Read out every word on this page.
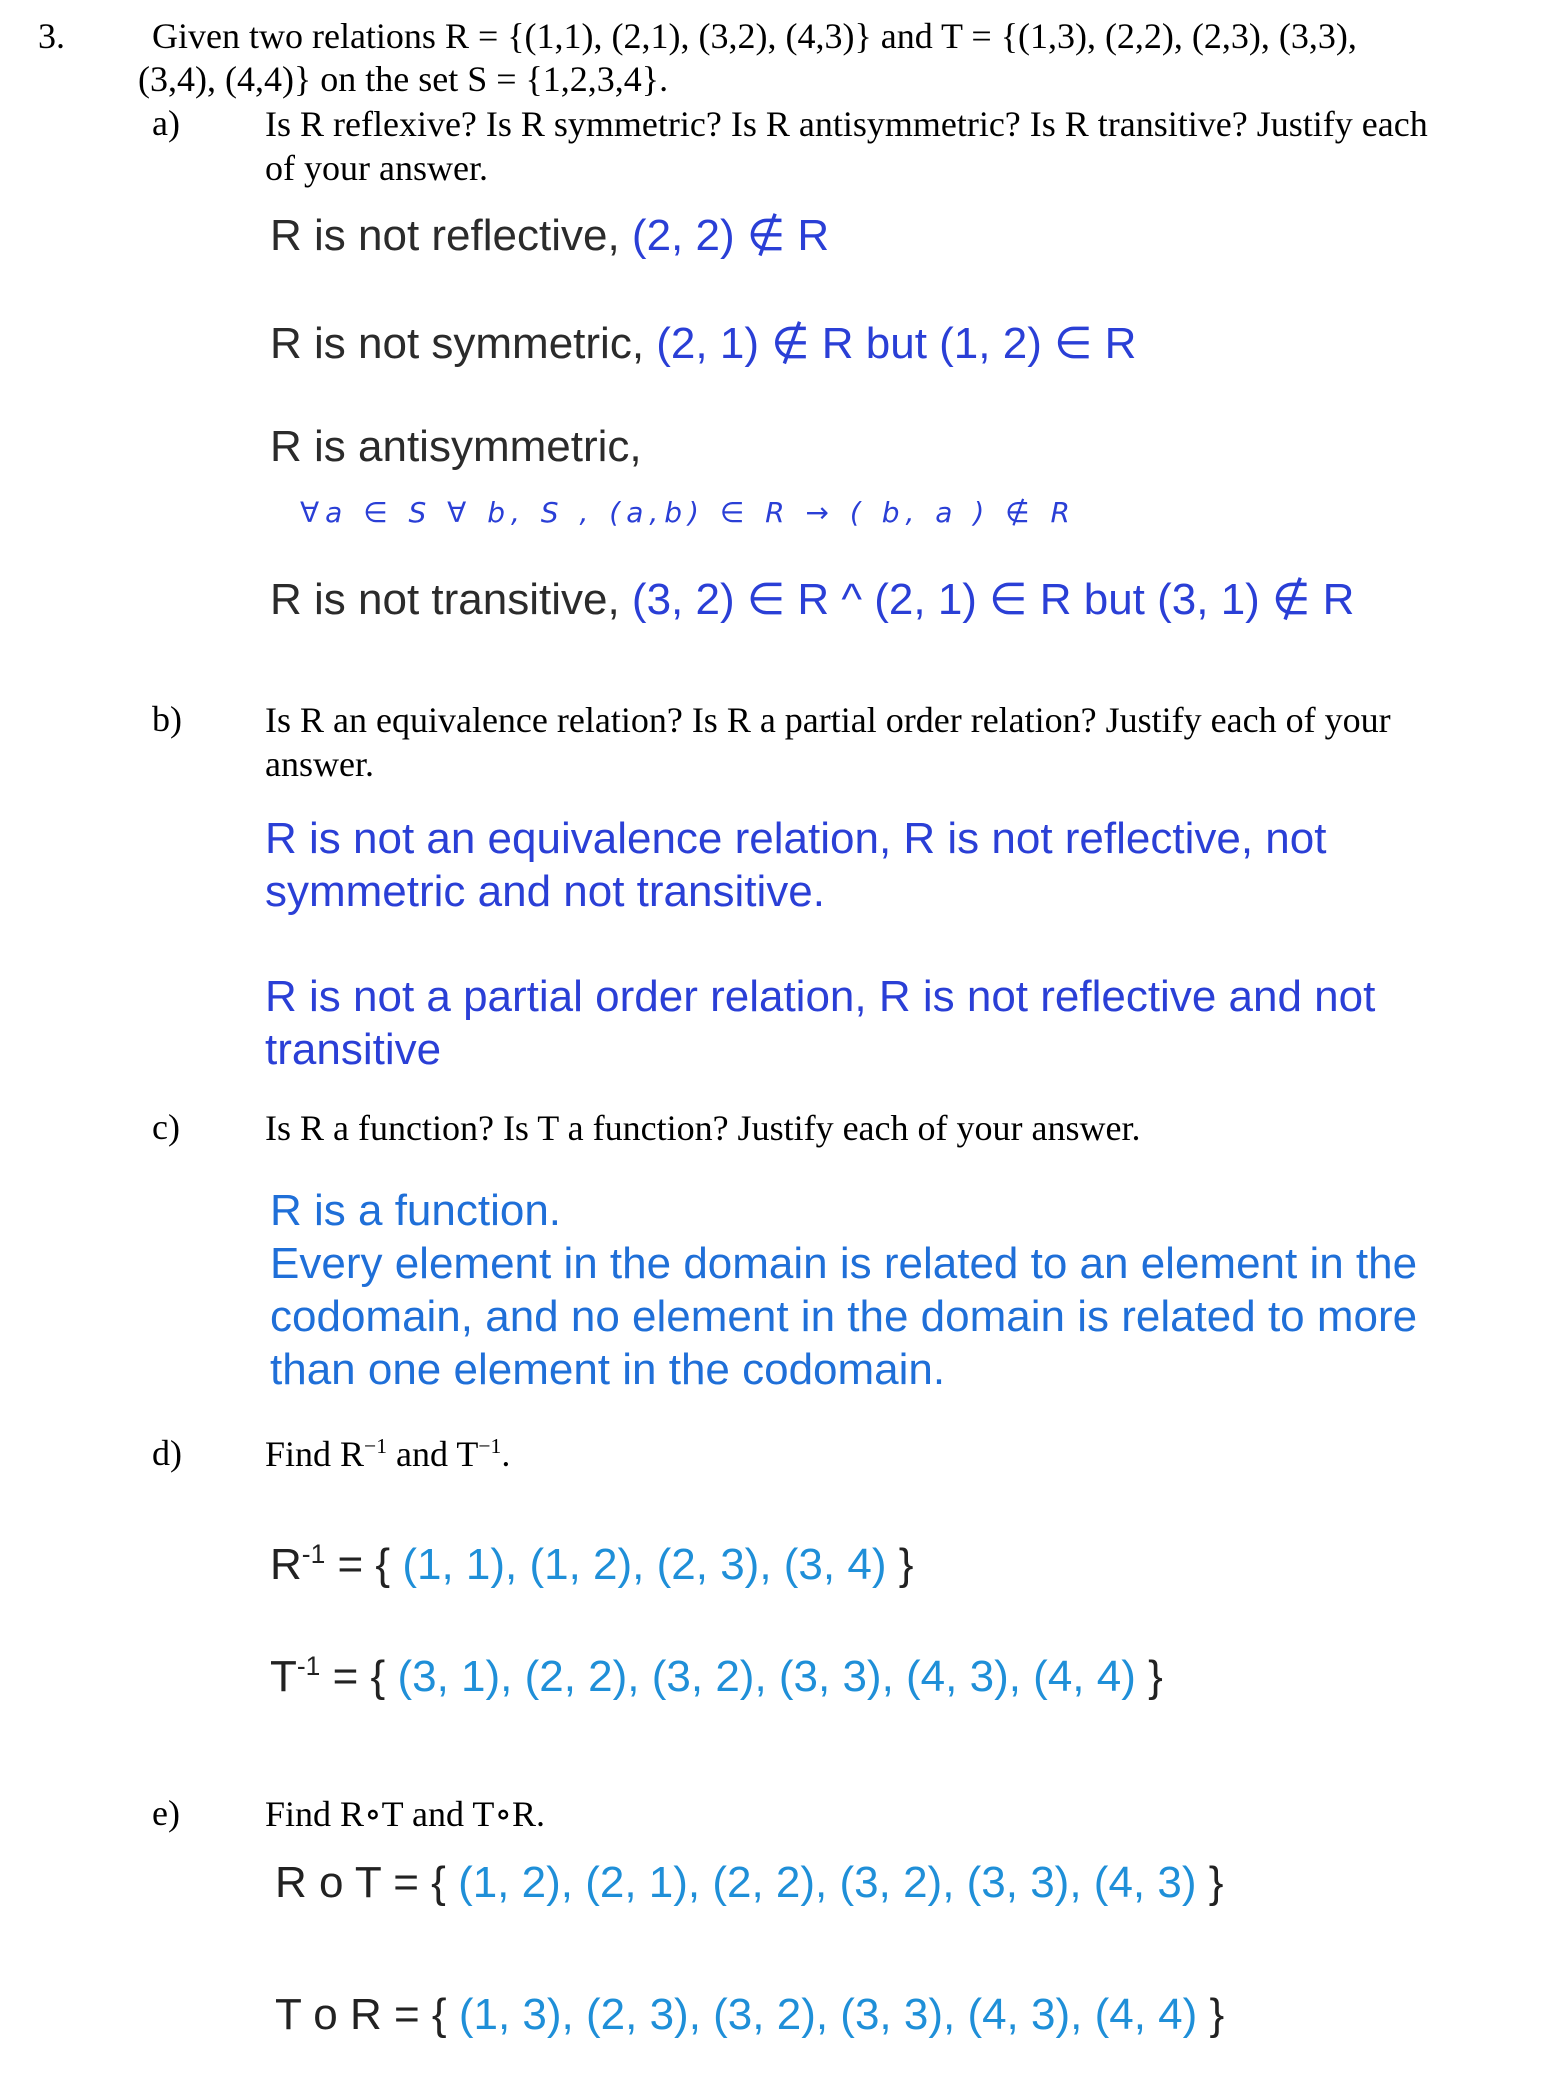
3. Given two relations R = {(1,1), (2,1), (3,2), (4,3)} and T = {(1,3), (2,2), (2,3), (3,3),
(3,4), (4,4)} on the set S = {1,2,3,4}.
a) Is R reflexive? Is R symmetric? Is R antisymmetric? Is R transitive? Justify each
of your answer.
R is not reflective, (2, 2) ∉ R
R is not symmetric, (2, 1) ∉ R but (1, 2) ∈ R
R is antisymmetric,
∀a ∈ S ∀ b, S , (a,b) ∈ R → ( b, a ) ∉ R
R is not transitive, (3, 2) ∈ R ^ (2, 1) ∈ R but (3, 1) ∉ R
b) Is R an equivalence relation? Is R a partial order relation? Justify each of your
answer.
R is not an equivalence relation, R is not reflective, not
symmetric and not transitive.
R is not a partial order relation, R is not reflective and not
transitive
c) Is R a function? Is T a function? Justify each of your answer.
R is a function.
Every element in the domain is related to an element in the
codomain, and no element in the domain is related to more
than one element in the codomain.
d) Find $R^{-1}$ and $T^{-1}$.
$R^{-1}$ = { (1, 1), (1, 2), (2, 3), (3, 4) }
$T^{-1}$ = { (3, 1), (2, 2), (3, 2), (3, 3), (4, 3), (4, 4) }
e) Find R∘T and T∘R.
R o T = { (1, 2), (2, 1), (2, 2), (3, 2), (3, 3), (4, 3) }
T o R = { (1, 3), (2, 3), (3, 2), (3, 3), (4, 3), (4, 4) }
